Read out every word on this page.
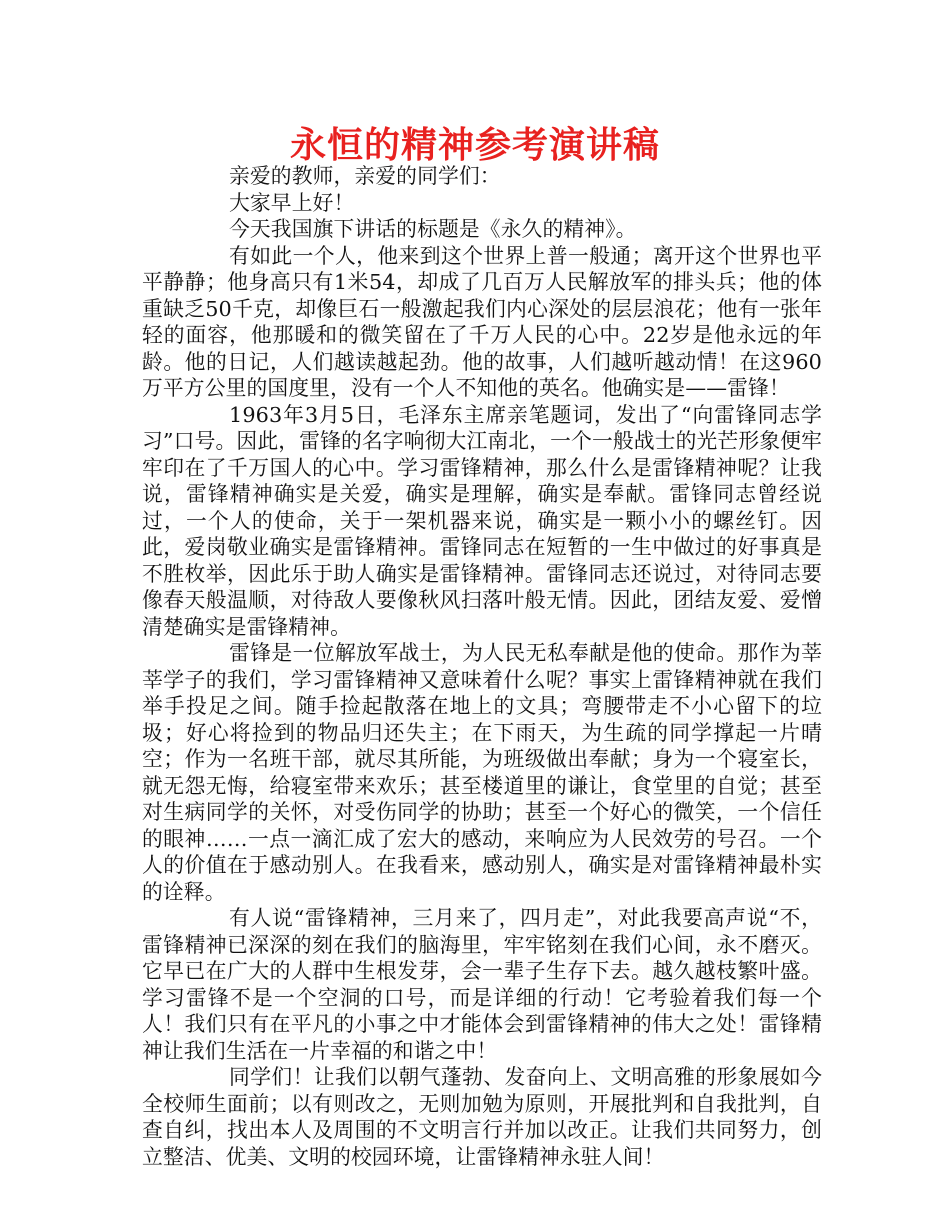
永恒的精神参考演讲稿

亲爱的教师，亲爱的同学们：

大家早上好！

今天我国旗下讲话的标题是《永久的精神》。

有如此一个人，他来到这个世界上普一般通；离开这个世界也平平静静；他身高只有1米54，却成了几百万人民解放军的排头兵；他的体重缺乏50千克，却像巨石一般激起我们内心深处的层层浪花；他有一张年轻的面容，他那暖和的微笑留在了千万人民的心中。22岁是他永远的年龄。他的日记，人们越读越起劲。他的故事，人们越听越动情！在这960万平方公里的国度里，没有一个人不知他的英名。他确实是——雷锋！

1963年3月5日，毛泽东主席亲笔题词，发出了“向雷锋同志学习”口号。因此，雷锋的名字响彻大江南北，一个一般战士的光芒形象便牢牢印在了千万国人的心中。学习雷锋精神，那么什么是雷锋精神呢？让我说，雷锋精神确实是关爱，确实是理解，确实是奉献。雷锋同志曾经说过，一个人的使命，关于一架机器来说，确实是一颗小小的螺丝钉。因此，爱岗敬业确实是雷锋精神。雷锋同志在短暂的一生中做过的好事真是不胜枚举，因此乐于助人确实是雷锋精神。雷锋同志还说过，对待同志要像春天般温顺，对待敌人要像秋风扫落叶般无情。因此，团结友爱、爱憎清楚确实是雷锋精神。

雷锋是一位解放军战士，为人民无私奉献是他的使命。那作为莘莘学子的我们，学习雷锋精神又意味着什么呢？事实上雷锋精神就在我们举手投足之间。随手捡起散落在地上的文具；弯腰带走不小心留下的垃圾；好心将捡到的物品归还失主；在下雨天，为生疏的同学撑起一片晴空；作为一名班干部，就尽其所能，为班级做出奉献；身为一个寝室长，就无怨无悔，给寝室带来欢乐；甚至楼道里的谦让，食堂里的自觉；甚至对生病同学的关怀，对受伤同学的协助；甚至一个好心的微笑，一个信任的眼神……一点一滴汇成了宏大的感动，来响应为人民效劳的号召。一个人的价值在于感动别人。在我看来，感动别人，确实是对雷锋精神最朴实的诠释。

有人说“雷锋精神，三月来了，四月走”，对此我要高声说“不，雷锋精神已深深的刻在我们的脑海里，牢牢铭刻在我们心间，永不磨灭。它早已在广大的人群中生根发芽，会一辈子生存下去。越久越枝繁叶盛。学习雷锋不是一个空洞的口号，而是详细的行动！它考验着我们每一个人！我们只有在平凡的小事之中才能体会到雷锋精神的伟大之处！雷锋精神让我们生活在一片幸福的和谐之中！

同学们！让我们以朝气蓬勃、发奋向上、文明高雅的形象展如今全校师生面前；以有则改之，无则加勉为原则，开展批判和自我批判，自查自纠，找出本人及周围的不文明言行并加以改正。让我们共同努力，创立整洁、优美、文明的校园环境，让雷锋精神永驻人间！
